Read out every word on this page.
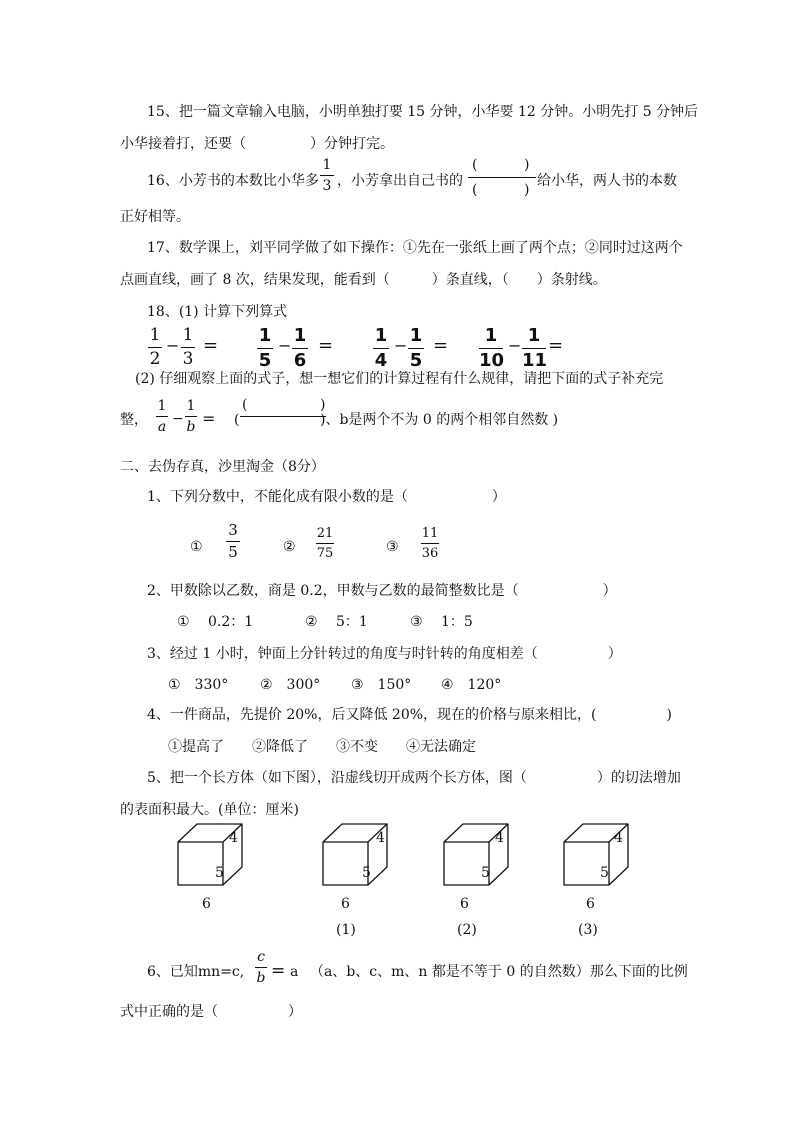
15、把一篇文章输入电脑，小明单独打要 15 分钟，小华要 12 分钟。小明先打 5 分钟后
小华接着打，还要（	）分钟打完。
16、小芳书的本数比小华多
1
3 ，小芳拿出自己书的
(	)
(	)
给小华，两人书的本数
正好相等。
17、数学课上，刘平同学做了如下操作：①先在一张纸上画了两个点；②同时过这两个
点画直线，画了 8 次，结果发现，能看到（　　　）条直线，（　　）条射线。
18、(1) 计算下列算式
1
2
−
1
3
= 1
5
− 1
6
= 1
4
− 1
5
=	1
10
− 1
11
=
(2) 仔细观察上面的式子，想一想它们的计算过程有什么规律，请把下面的式子补充完
整，
1
a −
1
b =
(	)
(	)、b是两个不为 0 的两个相邻自然数 )
二、去伪存真，沙里淘金（8分）
1、下列分数中，不能化成有限小数的是（　　　　　　）
①
3
5	②
21
75	③
11
36
2、甲数除以乙数，商是 0.2，甲数与乙数的最简整数比是（　　　　　　）
①　 0.2：1	②　 5：1	③　 1：5
3、经过 1 小时，钟面上分针转过的角度与时针转的角度相差（　　　　　）
①　330° ②　300° ③　150° ④　120°
4、一件商品，先提价 20%，后又降低 20%，现在的价格与原来相比，(　　　　　)
①提高了 ②降低了 ③不变 ④无法确定
5、把一个长方体（如下图），沿虚线切开成两个长方体，图（　　　　　）的切法增加
的表面积最大。(单位：厘米)
4
5
6
4
5
6
(1)
4
5
6
(2)
4
5
6
(3)
6、已知mn=c,
c
b = a （a、b、c、m、n 都是不等于 0 的自然数）那么下面的比例
式中正确的是（　　　　　）
